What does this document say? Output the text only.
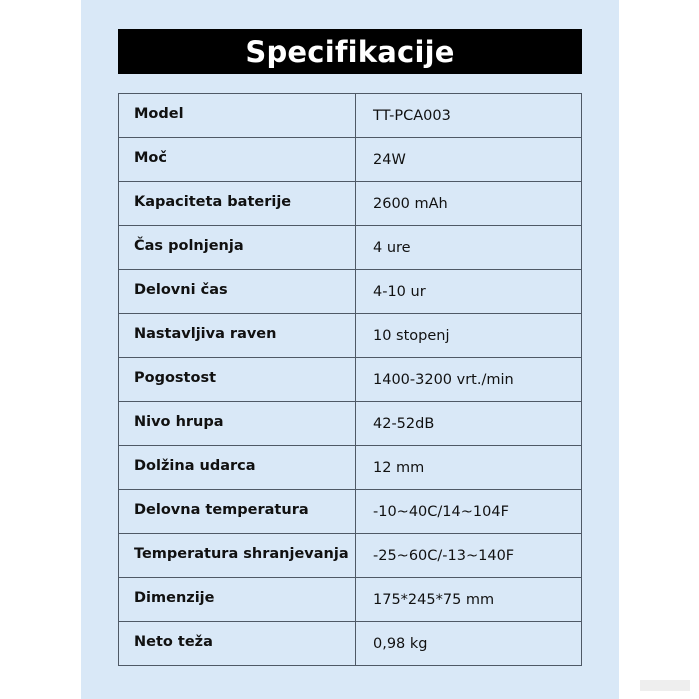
Specifikacije
Model	TT-PCA003
Moč	24W
Kapaciteta baterije	2600 mAh
Čas polnjenja	4 ure
Delovni čas	4-10 ur
Nastavljiva raven	10 stopenj
Pogostost	1400-3200 vrt./min
Nivo hrupa	42-52dB
Dolžina udarca	12 mm
Delovna temperatura	-10~40C/14~104F
Temperatura shranjevanja	-25~60C/-13~140F
Dimenzije	175*245*75 mm
Neto teža	0,98 kg
